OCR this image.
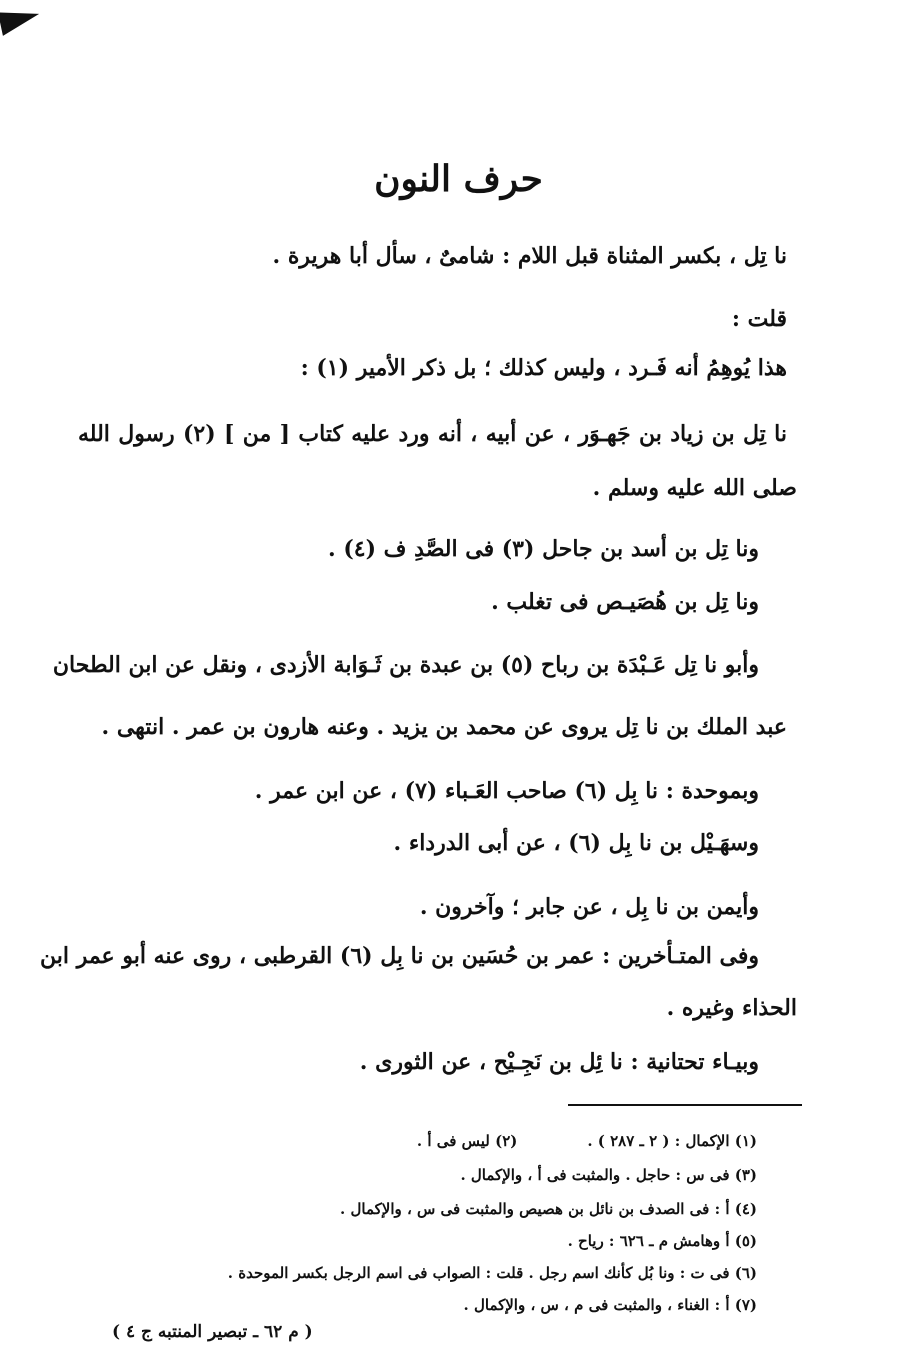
حرف النون
نا تِل ، بكسر المثناة قبل اللام : شامىٌ ، سأل أبا هريرة .
قلت :
هذا يُوهِمُ أنه فَـرد ، وليس كذلك ؛ بل ذكر الأمير (١) :
نا تِل بن زياد بن جَهـوَر ، عن أبيه ، أنه ورد عليه كتاب [ من ] (٢) رسول الله
صلى الله عليه وسلم .
ونا تِل بن أسد بن جاحل (٣) فى الصَّدِ ف (٤) .
ونا تِل بن هُصَيـص فى تغلب .
وأبو نا تِل عَـبْدَة بن رباح (٥) بن عبدة بن ثَـوَابة الأزدى ، ونقل عن ابن الطحان
عبد الملك بن نا تِل يروى عن محمد بن يزيد . وعنه هارون بن عمر . انتهى .
وبموحدة : نا بِل (٦) صاحب العَـباء (٧) ، عن ابن عمر .
وسهَـيْل بن نا بِل (٦) ، عن أبى الدرداء .
وأيمن بن نا بِل ، عن جابر ؛ وآخرون .
وفى المتـأخرين : عمر بن حُسَين بن نا بِل (٦) القرطبى ، روى عنه أبو عمر ابن
الحذاء وغيره .
وبيـاء تحتانية : نا ئِل بن نَجِـيْح ، عن الثورى .
(١) الإكمال : ( ٢ ـ ٢٨٧ ) .(٢) ليس فى أ .
(٣) فى س : حاجل . والمثبت فى أ ، والإكمال .
(٤) أ : فى الصدف بن نائل بن هصيص والمثبت فى س ، والإكمال .
(٥) أ وهامش م ـ ٦٢٦ : رياح .
(٦) فى ت : ونا بُل كأنك اسم رجل . قلت : الصواب فى اسم الرجل بكسر الموحدة .
(٧) أ : الغناء ، والمثبت فى م ، س ، والإكمال .
( م ٦٢ ـ تبصير المنتبه ج ٤ )
